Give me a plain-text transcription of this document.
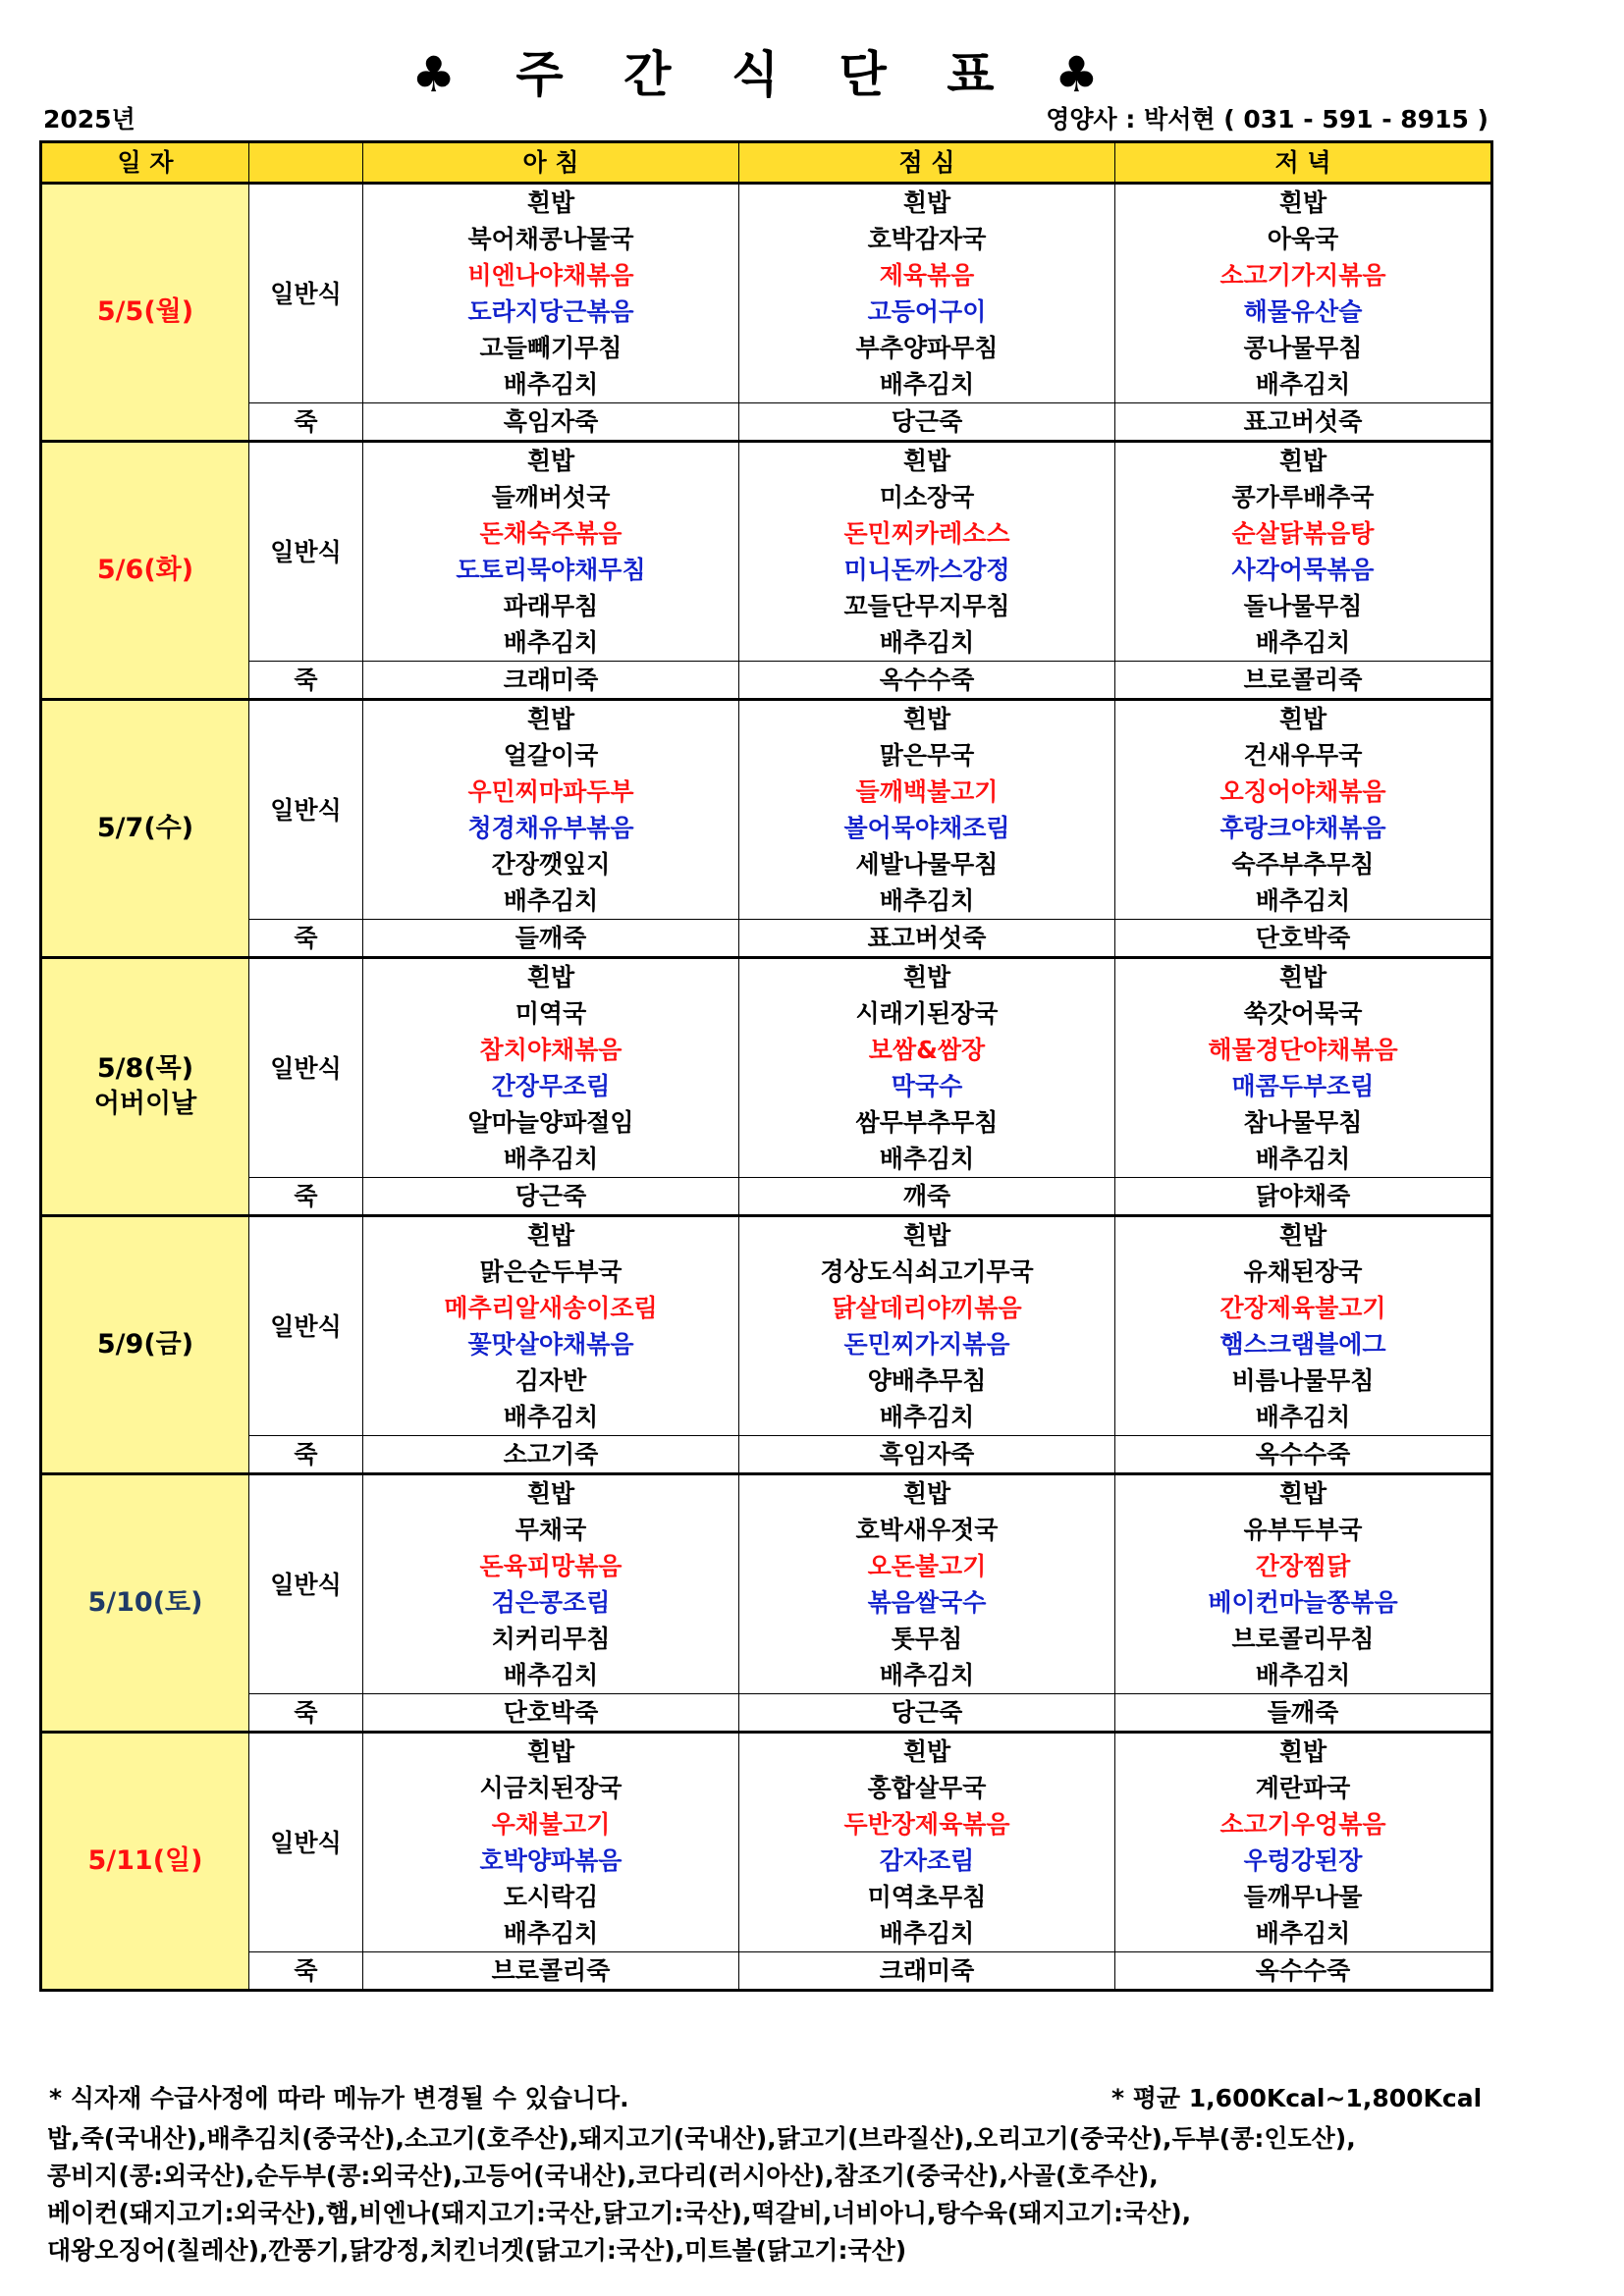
♣ 주 간 식 단 표 ♣
2025년	영양사 : 박서현 ( 031 - 591 - 8915 )
일 자		아 침	점 심	저 녁

5/5(월)	일반식	흰밥	흰밥	흰밥
		북어채콩나물국	호박감자국	아욱국
		비엔나야채볶음	제육볶음	소고기가지볶음
		도라지당근볶음	고등어구이	해물유산슬
		고들빼기무침	부추양파무침	콩나물무침
		배추김치	배추김치	배추김치
	죽	흑임자죽	당근죽	표고버섯죽

5/6(화)	일반식	흰밥	흰밥	흰밥
		들깨버섯국	미소장국	콩가루배추국
		돈채숙주볶음	돈민찌카레소스	순살닭볶음탕
		도토리묵야채무침	미니돈까스강정	사각어묵볶음
		파래무침	꼬들단무지무침	돌나물무침
		배추김치	배추김치	배추김치
	죽	크래미죽	옥수수죽	브로콜리죽

5/7(수)	일반식	흰밥	흰밥	흰밥
		얼갈이국	맑은무국	건새우무국
		우민찌마파두부	들깨백불고기	오징어야채볶음
		청경채유부볶음	볼어묵야채조림	후랑크야채볶음
		간장깻잎지	세발나물무침	숙주부추무침
		배추김치	배추김치	배추김치
	죽	들깨죽	표고버섯죽	단호박죽

5/8(목)
어버이날	일반식	흰밥	흰밥	흰밥
		미역국	시래기된장국	쑥갓어묵국
		참치야채볶음	보쌈&쌈장	해물경단야채볶음
		간장무조림	막국수	매콤두부조림
		알마늘양파절임	쌈무부추무침	참나물무침
		배추김치	배추김치	배추김치
	죽	당근죽	깨죽	닭야채죽

5/9(금)	일반식	흰밥	흰밥	흰밥
		맑은순두부국	경상도식쇠고기무국	유채된장국
		메추리알새송이조림	닭살데리야끼볶음	간장제육불고기
		꽃맛살야채볶음	돈민찌가지볶음	햄스크램블에그
		김자반	양배추무침	비름나물무침
		배추김치	배추김치	배추김치
	죽	소고기죽	흑임자죽	옥수수죽

5/10(토)	일반식	흰밥	흰밥	흰밥
		무채국	호박새우젓국	유부두부국
		돈육피망볶음	오돈불고기	간장찜닭
		검은콩조림	볶음쌀국수	베이컨마늘쫑볶음
		치커리무침	톳무침	브로콜리무침
		배추김치	배추김치	배추김치
	죽	단호박죽	당근죽	들깨죽

5/11(일)	일반식	흰밥	흰밥	흰밥
		시금치된장국	홍합살무국	계란파국
		우채불고기	두반장제육볶음	소고기우엉볶음
		호박양파볶음	감자조림	우렁강된장
		도시락김	미역초무침	들깨무나물
		배추김치	배추김치	배추김치
	죽	브로콜리죽	크래미죽	옥수수죽
* 식자재 수급사정에 따라 메뉴가 변경될 수 있습니다.	* 평균 1,600Kcal~1,800Kcal
밥,죽(국내산),배추김치(중국산),소고기(호주산),돼지고기(국내산),닭고기(브라질산),오리고기(중국산),두부(콩:인도산),
콩비지(콩:외국산),순두부(콩:외국산),고등어(국내산),코다리(러시아산),참조기(중국산),사골(호주산),
베이컨(돼지고기:외국산),햄,비엔나(돼지고기:국산,닭고기:국산),떡갈비,너비아니,탕수육(돼지고기:국산),
대왕오징어(칠레산),깐풍기,닭강정,치킨너겟(닭고기:국산),미트볼(닭고기:국산)
